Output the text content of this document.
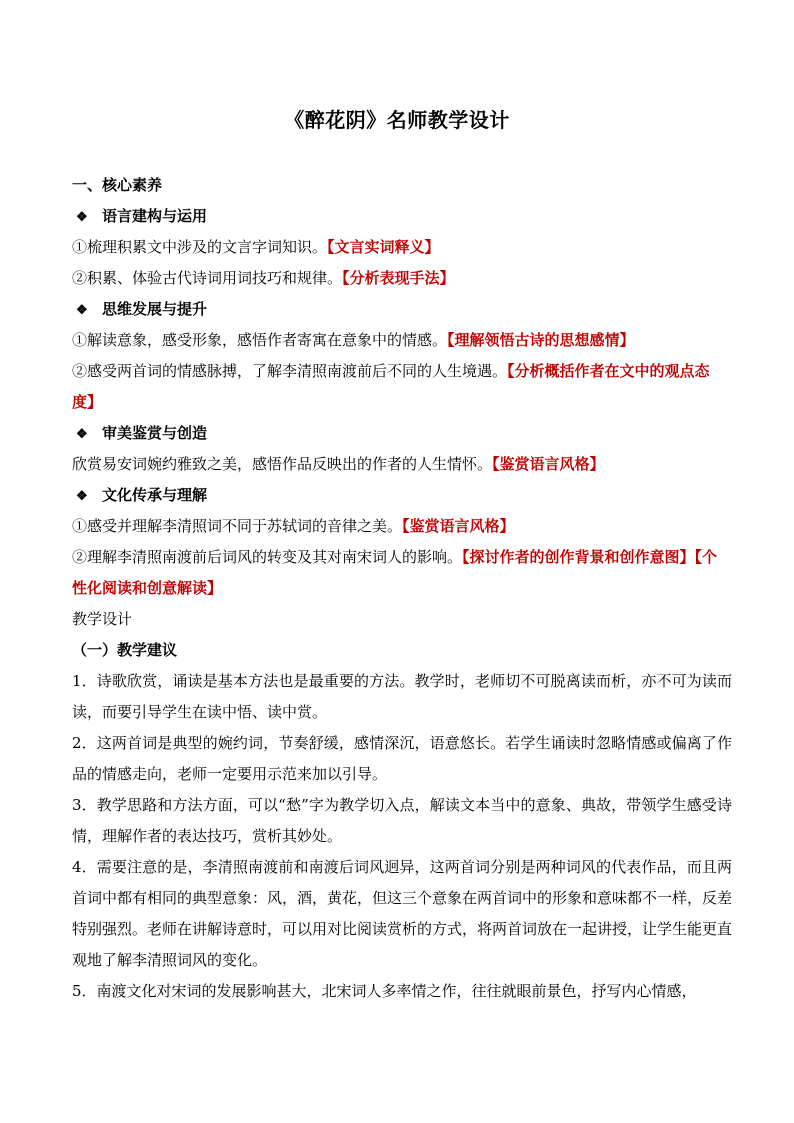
《醉花阴》名师教学设计
一、核心素养
❖ 语言建构与运用
①梳理积累文中涉及的文言字词知识。【文言实词释义】
②积累、体验古代诗词用词技巧和规律。【分析表现手法】
❖ 思维发展与提升
①解读意象，感受形象，感悟作者寄寓在意象中的情感。【理解领悟古诗的思想感情】
②感受两首词的情感脉搏，了解李清照南渡前后不同的人生境遇。【分析概括作者在文中的观点态度】
❖ 审美鉴赏与创造
欣赏易安词婉约雅致之美，感悟作品反映出的作者的人生情怀。【鉴赏语言风格】
❖ 文化传承与理解
①感受并理解李清照词不同于苏轼词的音律之美。【鉴赏语言风格】
②理解李清照南渡前后词风的转变及其对南宋词人的影响。【探讨作者的创作背景和创作意图】【个性化阅读和创意解读】
教学设计
（一）教学建议
1．诗歌欣赏，诵读是基本方法也是最重要的方法。教学时，老师切不可脱离读而析，亦不可为读而读，而要引导学生在读中悟、读中赏。
2．这两首词是典型的婉约词，节奏舒缓，感情深沉，语意悠长。若学生诵读时忽略情感或偏离了作品的情感走向，老师一定要用示范来加以引导。
3．教学思路和方法方面，可以“愁”字为教学切入点，解读文本当中的意象、典故，带领学生感受诗情，理解作者的表达技巧，赏析其妙处。
4．需要注意的是，李清照南渡前和南渡后词风迥异，这两首词分别是两种词风的代表作品，而且两首词中都有相同的典型意象：风，酒，黄花，但这三个意象在两首词中的形象和意味都不一样，反差特别强烈。老师在讲解诗意时，可以用对比阅读赏析的方式，将两首词放在一起讲授，让学生能更直观地了解李清照词风的变化。
5．南渡文化对宋词的发展影响甚大，北宋词人多率情之作，往往就眼前景色，抒写内心情感，
